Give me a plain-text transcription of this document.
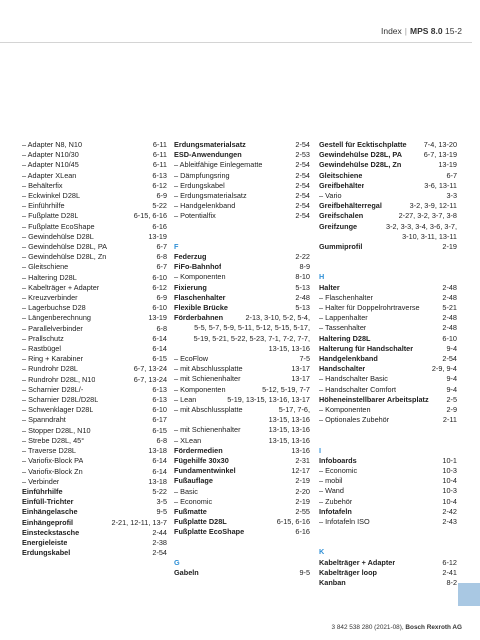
Index | MPS 8.0 15-2
– Adapter N8, N10	6-11
– Adapter N10/30	6-11
– Adapter N10/45	6-11
– Adapter XLean	6-13
– Behälterfix	6-12
– Eckwinkel D28L	6-9
– Einführhilfe	5-22
– Fußplatte D28L	6-15, 6-16
– Fußplatte EcoShape	6-16
– Gewindehülse D28L	13-19
– Gewindehülse D28L, PA	6-7
– Gewindehülse D28L, Zn	6-8
– Gleitschiene	6-7
– Haltering D28L	6-10
– Kabelträger + Adapter	6-12
– Kreuzverbinder	6-9
– Lagerbuchse D28	6-10
– Längenberechnung	13-19
– Parallelverbinder	6-8
– Prallschutz	6-14
– Rastbügel	6-14
– Ring + Karabiner	6-15
– Rundrohr D28L	6-7, 13-24
– Rundrohr D28L, N10	6-7, 13-24
– Scharnier D28L/-	6-13
– Scharnier D28L/D28L	6-13
– Schwenklager D28L	6-10
– Spanndraht	6-17
– Stopper D28L, N10	6-15
– Strebe D28L, 45°	6-8
– Traverse D28L	13-18
– Variofix-Block PA	6-14
– Variofix-Block Zn	6-14
– Verbinder	13-18
Einführhilfe	5-22
Einfüll-Trichter	3-5
Einhängelasche	9-5
Einhängeprofil	2-21, 12-11, 13-7
Einsteckstasche	2-44
Energieleiste	2-38
Erdungskabel	2-54
Erdungsmaterialsatz	2-54
ESD-Anwendungen	2-53
– Ableitfähige Einlegematte	2-54
– Dämpfungsring	2-54
– Erdungskabel	2-54
– Erdungsmaterialsatz	2-54
– Handgelenkband	2-54
– Potentialfix	2-54
F
Federzug	2-22
FiFo-Bahnhof	8-9
– Komponenten	8-10
Fixierung	5-13
Flaschenhalter	2-48
Flexible Brücke	5-13
Förderbahnen	2-13, 3-10, 5-2, 5-4,
5-5, 5-7, 5-9, 5-11, 5-12, 5-15, 5-17,
5-19, 5-21, 5-22, 5-23, 7-1, 7-2, 7-7,
13-15, 13-16
– EcoFlow	7-5
– mit Abschlussplatte	13-17
– mit Schienenhalter	13-17
– Komponenten	5-12, 5-19, 7-7
– Lean	5-19, 13-15, 13-16, 13-17
– mit Abschlussplatte	5-17, 7-6,
13-15, 13-16
– mit Schienenhalter	13-15, 13-16
– XLean	13-15, 13-16
Fördermedien	13-16
Fügehilfe 30x30	2-31
Fundamentwinkel	12-17
Fußauflage	2-19
– Basic	2-20
– Economic	2-19
Fußmatte	2-55
Fußplatte D28L	6-15, 6-16
Fußplatte EcoShape	6-16
G
Gabeln	9-5
Gestell für Ecktischplatte	7-4, 13-20
Gewindehülse D28L, PA	6-7, 13-19
Gewindehülse D28L, Zn	13-19
Gleitschiene	6-7
Greifbehälter	3-6, 13-11
– Vario	3-3
Greifbehälterregal	3-2, 3-9, 12-11
Greifschalen	2-27, 3-2, 3-7, 3-8
Greifzunge	3-2, 3-3, 3-4, 3-6, 3-7,
3-10, 3-11, 13-11
Gummiprofil	2-19
H
Halter	2-48
– Flaschenhalter	2-48
– Halter für Doppelrohrtraverse	5-21
– Lappenhalter	2-48
– Tassenhalter	2-48
Haltering D28L	6-10
Halterung für Handschalter	9-4
Handgelenkband	2-54
Handschalter	2-9, 9-4
– Handschalter Basic	9-4
– Handschalter Comfort	9-4
Höheneinstellbarer Arbeitsplatz	2-5
– Komponenten	2-9
– Optionales Zubehör	2-11
I
Infoboards	10-1
– Economic	10-3
– mobil	10-4
– Wand	10-3
– Zubehör	10-4
Infotafeln	2-42
– Infotafeln ISO	2-43
K
Kabelträger + Adapter	6-12
Kabelträger loop	2-41
Kanban	8-2
3 842 538 280 (2021-08), Bosch Rexroth AG
